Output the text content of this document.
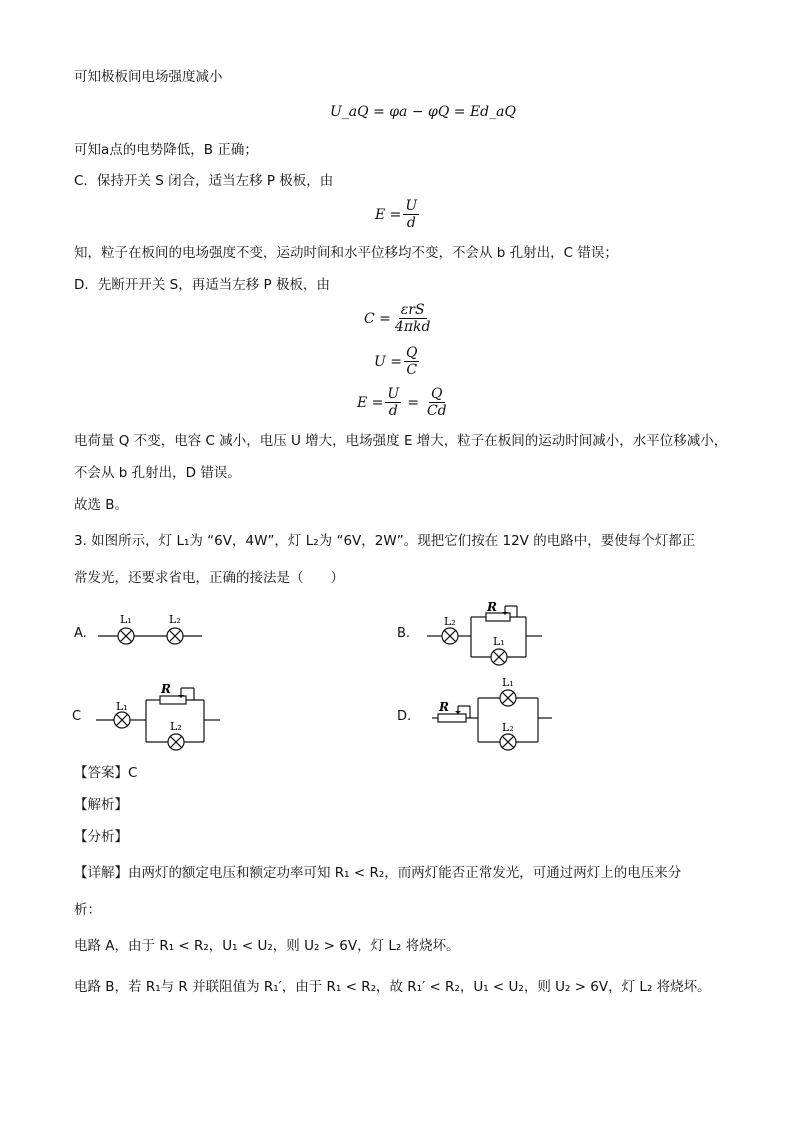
可知极板间电场强度减小
U_aQ = φa − φQ = Ed_aQ
可知a点的电势降低，B 正确；
C．保持开关 S 闭合，适当左移 P 极板，由
$E = \frac{U}{d}$
知，粒子在板间的电场强度不变，运动时间和水平位移均不变，不会从 b 孔射出，C 错误；
D．先断开开关 S，再适当左移 P 极板，由
$C = \frac{\text{εrS}}{\text{4πkd}}$
$U = \frac{Q}{C}$
$E = \frac{U}{d} = \frac{Q}{Cd}$
电荷量 Q 不变，电容 C 减小，电压 U 增大，电场强度 E 增大，粒子在板间的运动时间减小，水平位移减小，
不会从 b 孔射出，D 错误。
故选 B。
3. 如图所示，灯 L₁为 “6V，4W”，灯 L₂为 “6V，2W”。现把它们按在 12V 的电路中，要使每个灯都正
常发光，还要求省电，正确的接法是（　　）
A.	B.
C	D.
L₁	L₂	L₂
R
L₁
L₁
R
L₂
R
L₁
L₂
【答案】C
【解析】
【分析】
【详解】由两灯的额定电压和额定功率可知 R₁ < R₂，而两灯能否正常发光，可通过两灯上的电压来分
析：
电路 A，由于 R₁ < R₂，U₁ < U₂，则 U₂ > 6V，灯 L₂ 将烧坏。
电路 B，若 R₁与 R 并联阻值为 R₁′，由于 R₁ < R₂，故 R₁′ < R₂，U₁ < U₂，则 U₂ > 6V，灯 L₂ 将烧坏。
